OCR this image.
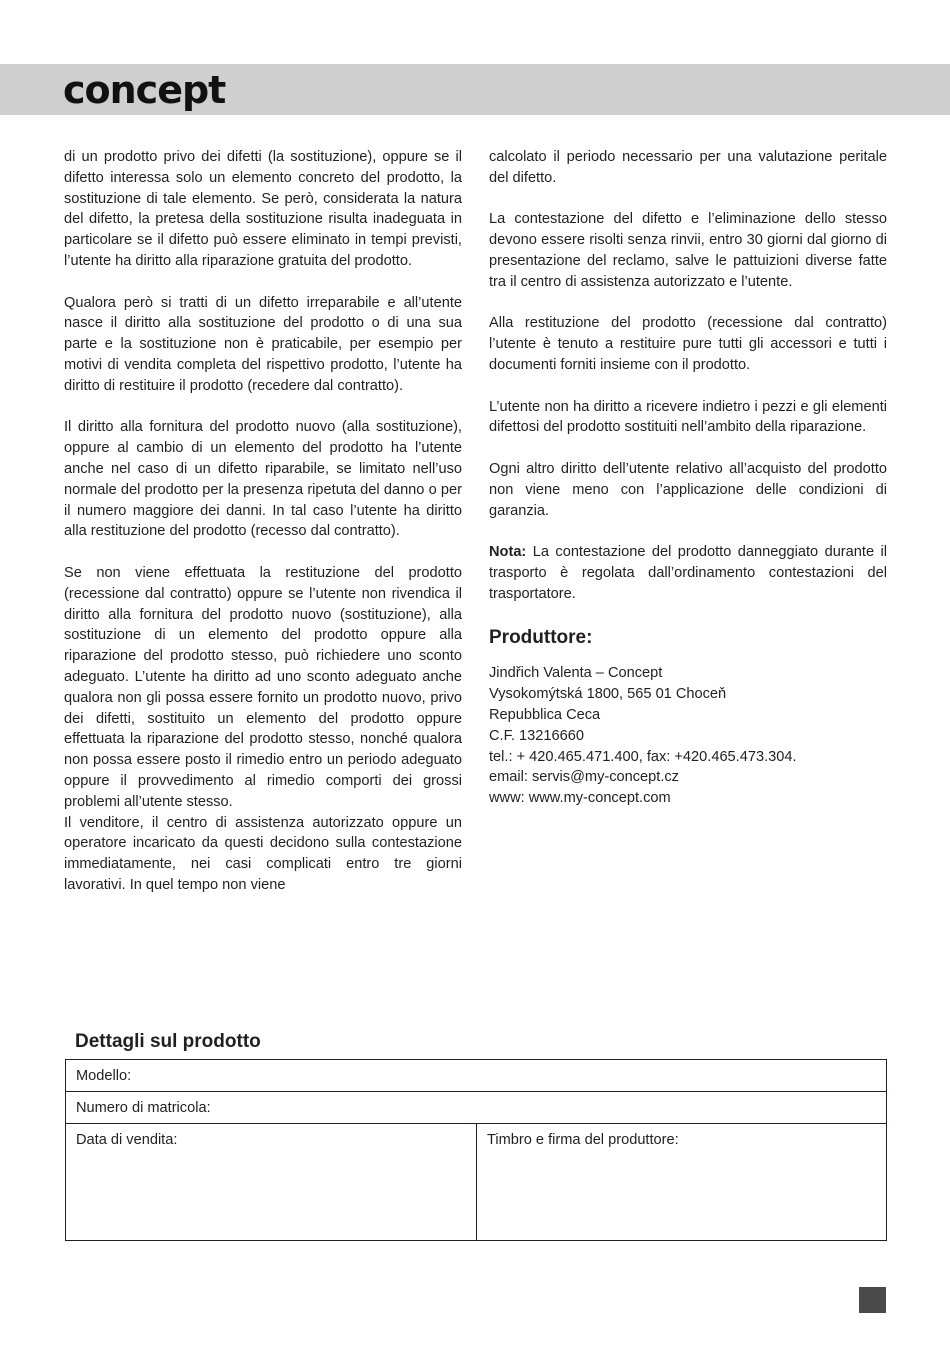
concept

di un prodotto privo dei difetti (la sostituzione), oppure se il difetto interessa solo un elemento concreto del prodotto, la sostituzione di tale elemento. Se però, considerata la natura del difetto, la pretesa della sostituzione risulta inadeguata in particolare se il difetto può essere eliminato in tempi previsti, l’utente ha diritto alla riparazione gratuita del prodotto.

Qualora però si tratti di un difetto irreparabile e all’utente nasce il diritto alla sostituzione del prodotto o di una sua parte e la sostituzione non è praticabile, per esempio per motivi di vendita completa del rispettivo prodotto, l’utente ha diritto di restituire il prodotto (recedere dal contratto).

Il diritto alla fornitura del prodotto nuovo (alla sostituzione), oppure al cambio di un elemento del prodotto ha l’utente anche nel caso di un difetto riparabile, se limitato nell’uso normale del prodotto per la presenza ripetuta del danno o per il numero maggiore dei danni. In tal caso l’utente ha diritto alla restituzione del prodotto (recesso dal contratto).

Se non viene effettuata la restituzione del prodotto (recessione dal contratto) oppure se l’utente non rivendica il diritto alla fornitura del prodotto nuovo (sostituzione), alla sostituzione di un elemento del prodotto oppure alla riparazione del prodotto stesso, può richiedere uno sconto adeguato. L’utente ha diritto ad uno sconto adeguato anche qualora non gli possa essere fornito un prodotto nuovo, privo dei difetti, sostituito un elemento del prodotto oppure effettuata la riparazione del prodotto stesso, nonché qualora non possa essere posto il rimedio entro un periodo adeguato oppure il provvedimento al rimedio comporti dei grossi problemi all’utente stesso.

Il venditore, il centro di assistenza autorizzato oppure un operatore incaricato da questi decidono sulla contestazione immediatamente, nei casi complicati entro tre giorni lavorativi. In quel tempo non viene

calcolato il periodo necessario per una valutazione peritale del difetto.

La contestazione del difetto e l’eliminazione dello stesso devono essere risolti senza rinvii, entro 30 giorni dal giorno di presentazione del reclamo, salve le pattuizioni diverse fatte tra il centro di assistenza autorizzato e l’utente.

Alla restituzione del prodotto (recessione dal contratto) l’utente è tenuto a restituire pure tutti gli accessori e tutti i documenti forniti insieme con il prodotto.

L’utente non ha diritto a ricevere indietro i pezzi e gli elementi difettosi del prodotto sostituiti nell’ambito della riparazione.

Ogni altro diritto dell’utente relativo all’acquisto del prodotto non viene meno con l’applicazione delle condizioni di garanzia.

Nota: La contestazione del prodotto danneggiato durante il trasporto è regolata dall’ordinamento contestazioni del trasportatore.

Produttore:
Jindřich Valenta – Concept
Vysokomýtská 1800, 565 01 Choceň
Repubblica Ceca
C.F. 13216660
tel.: + 420.465.471.400, fax: +420.465.473.304.
email: servis@my-concept.cz
www: www.my-concept.com
Dettagli sul prodotto
Modello:
Numero di matricola:
Data di vendita:	Timbro e firma del produttore:
